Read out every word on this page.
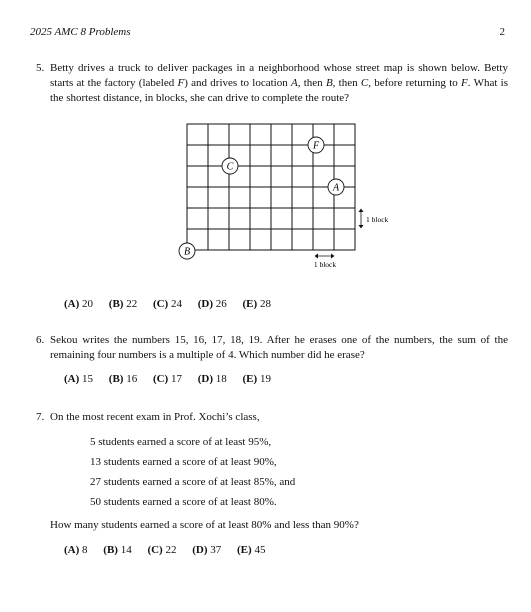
2025 AMC 8 Problems	2
5. Betty drives a truck to deliver packages in a neighborhood whose street map is shown below. Betty starts at the factory (labeled F) and drives to location A, then B, then C, before returning to F. What is the shortest distance, in blocks, she can drive to complete the route?
F
C
A
B
1 block
1 block
(A) 20 (B) 22 (C) 24 (D) 26 (E) 28
6. Sekou writes the numbers 15, 16, 17, 18, 19. After he erases one of the numbers, the sum of the remaining four numbers is a multiple of 4. Which number did he erase?
(A) 15 (B) 16 (C) 17 (D) 18 (E) 19
7. On the most recent exam in Prof. Xochi’s class,
5 students earned a score of at least 95%,
13 students earned a score of at least 90%,
27 students earned a score of at least 85%, and
50 students earned a score of at least 80%.
How many students earned a score of at least 80% and less than 90%?
(A) 8 (B) 14 (C) 22 (D) 37 (E) 45
